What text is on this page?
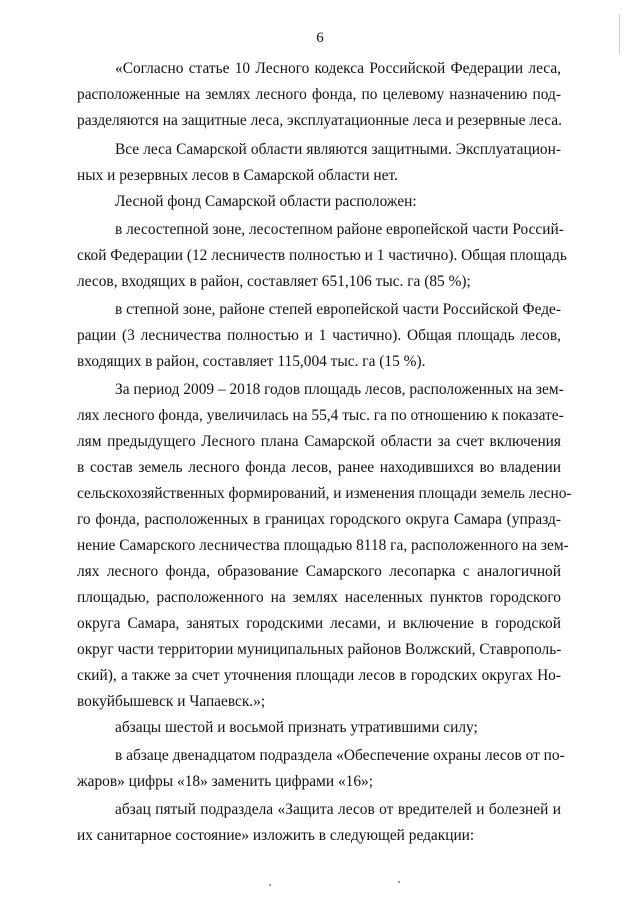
6
«Согласно статье 10 Лесного кодекса Российской Федерации леса,
расположенные на землях лесного фонда, по целевому назначению под-
разделяются на защитные леса, эксплуатационные леса и резервные леса.
Все леса Самарской области являются защитными. Эксплуатацион-
ных и резервных лесов в Самарской области нет.
Лесной фонд Самарской области расположен:
в лесостепной зоне, лесостепном районе европейской части Россий-
ской Федерации (12 лесничеств полностью и 1 частично). Общая площадь
лесов, входящих в район, составляет 651,106 тыс. га (85 %);
в степной зоне, районе степей европейской части Российской Феде-
рации (3 лесничества полностью и 1 частично). Общая площадь лесов,
входящих в район, составляет 115,004 тыс. га (15 %).
За период 2009 – 2018 годов площадь лесов, расположенных на зем-
лях лесного фонда, увеличилась на 55,4 тыс. га по отношению к показате-
лям предыдущего Лесного плана Самарской области за счет включения
в состав земель лесного фонда лесов, ранее находившихся во владении
сельскохозяйственных формирований, и изменения площади земель лесно-
го фонда, расположенных в границах городского округа Самара (упразд-
нение Самарского лесничества площадью 8118 га, расположенного на зем-
лях лесного фонда, образование Самарского лесопарка с аналогичной
площадью, расположенного на землях населенных пунктов городского
округа Самара, занятых городскими лесами, и включение в городской
округ части территории муниципальных районов Волжский, Ставрополь-
ский), а также за счет уточнения площади лесов в городских округах Но-
вокуйбышевск и Чапаевск.»;
абзацы шестой и восьмой признать утратившими силу;
в абзаце двенадцатом подраздела «Обеспечение охраны лесов от по-
жаров» цифры «18» заменить цифрами «16»;
абзац пятый подраздела «Защита лесов от вредителей и болезней и
их санитарное состояние» изложить в следующей редакции:
